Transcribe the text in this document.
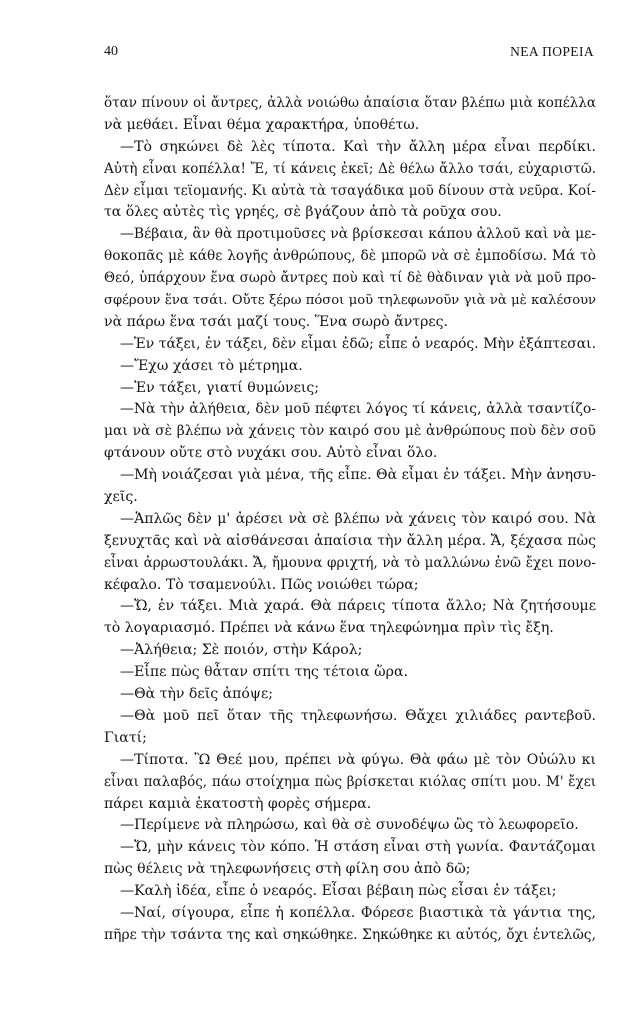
40	ΝΕΑ ΠΟΡΕΙΑ
ὅταν πίνουν οἱ ἄντρες, ἀλλὰ νοιώθω ἀπαίσια ὅταν βλέπω μιὰ κοπέλλα
νὰ μεθάει. Εἶναι θέμα χαρακτήρα, ὑποθέτω.
—Τὸ σηκώνει δὲ λὲς τίποτα. Καὶ τὴν ἄλλη μέρα εἶναι περδίκι.
Αὐτὴ εἶναι κοπέλλα! Ἔ, τί κάνεις ἐκεῖ; Δὲ θέλω ἄλλο τσάι, εὐχαριστῶ.
Δὲν εἶμαι τεϊομανής. Κι αὐτὰ τὰ τσαγάδικα μοῦ δίνουν στὰ νεῦρα. Κοί-
τα ὅλες αὐτὲς τὶς γρηές, σὲ βγάζουν ἀπὸ τὰ ροῦχα σου.
—Βέβαια, ἂν θὰ προτιμοῦσες νὰ βρίσκεσαι κάπου ἀλλοῦ καὶ νὰ με-
θοκοπᾶς μὲ κάθε λογῆς ἀνθρώπους, δὲ μπορῶ νὰ σὲ ἐμποδίσω. Μά τὸ
Θεό, ὑπάρχουν ἕνα σωρὸ ἄντρες ποὺ καὶ τί δὲ θὰδιναν γιὰ νὰ μοῦ προ-
σφέρουν ἕνα τσάι. Οὔτε ξέρω πόσοι μοῦ τηλεφωνοῦν γιὰ νὰ μὲ καλέσουν
νὰ πάρω ἕνα τσάι μαζί τους. Ἕνα σωρὸ ἄντρες.
—Ἐν τάξει, ἐν τάξει, δὲν εἶμαι ἐδῶ; εἶπε ὁ νεαρός. Μὴν ἐξάπτεσαι.
—Ἔχω χάσει τὸ μέτρημα.
—Ἐν τάξει, γιατί θυμώνεις;
—Νὰ τὴν ἀλήθεια, δὲν μοῦ πέφτει λόγος τί κάνεις, ἀλλὰ τσαντίζο-
μαι νὰ σὲ βλέπω νὰ χάνεις τὸν καιρό σου μὲ ἀνθρώπους ποὺ δὲν σοῦ
φτάνουν οὔτε στὸ νυχάκι σου. Αὐτὸ εἶναι ὅλο.
—Μὴ νοιάζεσαι γιὰ μένα, τῆς εἶπε. Θὰ εἶμαι ἐν τάξει. Μὴν ἀνησυ-
χεῖς.
—Ἁπλῶς δὲν μ' ἀρέσει νὰ σὲ βλέπω νὰ χάνεις τὸν καιρό σου. Νὰ
ξενυχτᾶς καὶ νὰ αἰσθάνεσαι ἀπαίσια τὴν ἄλλη μέρα. Ἄ, ξέχασα πὼς
εἶναι ἀρρωστουλάκι. Ἄ, ἤμουνα φριχτή, νὰ τὸ μαλλώνω ἐνῶ ἔχει πονο-
κέφαλο. Τὸ τσαμενούλι. Πῶς νοιώθει τώρα;
—Ὤ, ἐν τάξει. Μιὰ χαρά. Θὰ πάρεις τίποτα ἄλλο; Νὰ ζητήσουμε
τὸ λογαριασμό. Πρέπει νὰ κάνω ἕνα τηλεφώνημα πρὶν τὶς ἔξη.
—Ἀλήθεια; Σὲ ποιόν, στὴν Κάρολ;
—Εἶπε πὼς θἆταν σπίτι της τέτοια ὥρα.
—Θὰ τὴν δεῖς ἀπόψε;
—Θὰ μοῦ πεῖ ὅταν τῆς τηλεφωνήσω. Θἄχει χιλιάδες ραντεβοῦ.
Γιατί;
—Τίποτα. Ὢ Θεέ μου, πρέπει νὰ φύγω. Θὰ φάω μὲ τὸν Οὐώλυ κι
εἶναι παλαβός, πάω στοίχημα πὼς βρίσκεται κιόλας σπίτι μου. Μ' ἔχει
πάρει καμιὰ ἑκατοστὴ φορὲς σήμερα.
—Περίμενε νὰ πληρώσω, καὶ θὰ σὲ συνοδέψω ὣς τὸ λεωφορεῖο.
—Ὤ, μὴν κάνεις τὸν κόπο. Ἡ στάση εἶναι στὴ γωνία. Φαντάζομαι
πὼς θέλεις νὰ τηλεφωνήσεις στὴ φίλη σου ἀπὸ δῶ;
—Καλὴ ἰδέα, εἶπε ὁ νεαρός. Εἶσαι βέβαιη πὼς εἶσαι ἐν τάξει;
—Ναί, σίγουρα, εἶπε ἡ κοπέλλα. Φόρεσε βιαστικὰ τὰ γάντια της,
πῆρε τὴν τσάντα της καὶ σηκώθηκε. Σηκώθηκε κι αὐτός, ὄχι ἐντελῶς,
